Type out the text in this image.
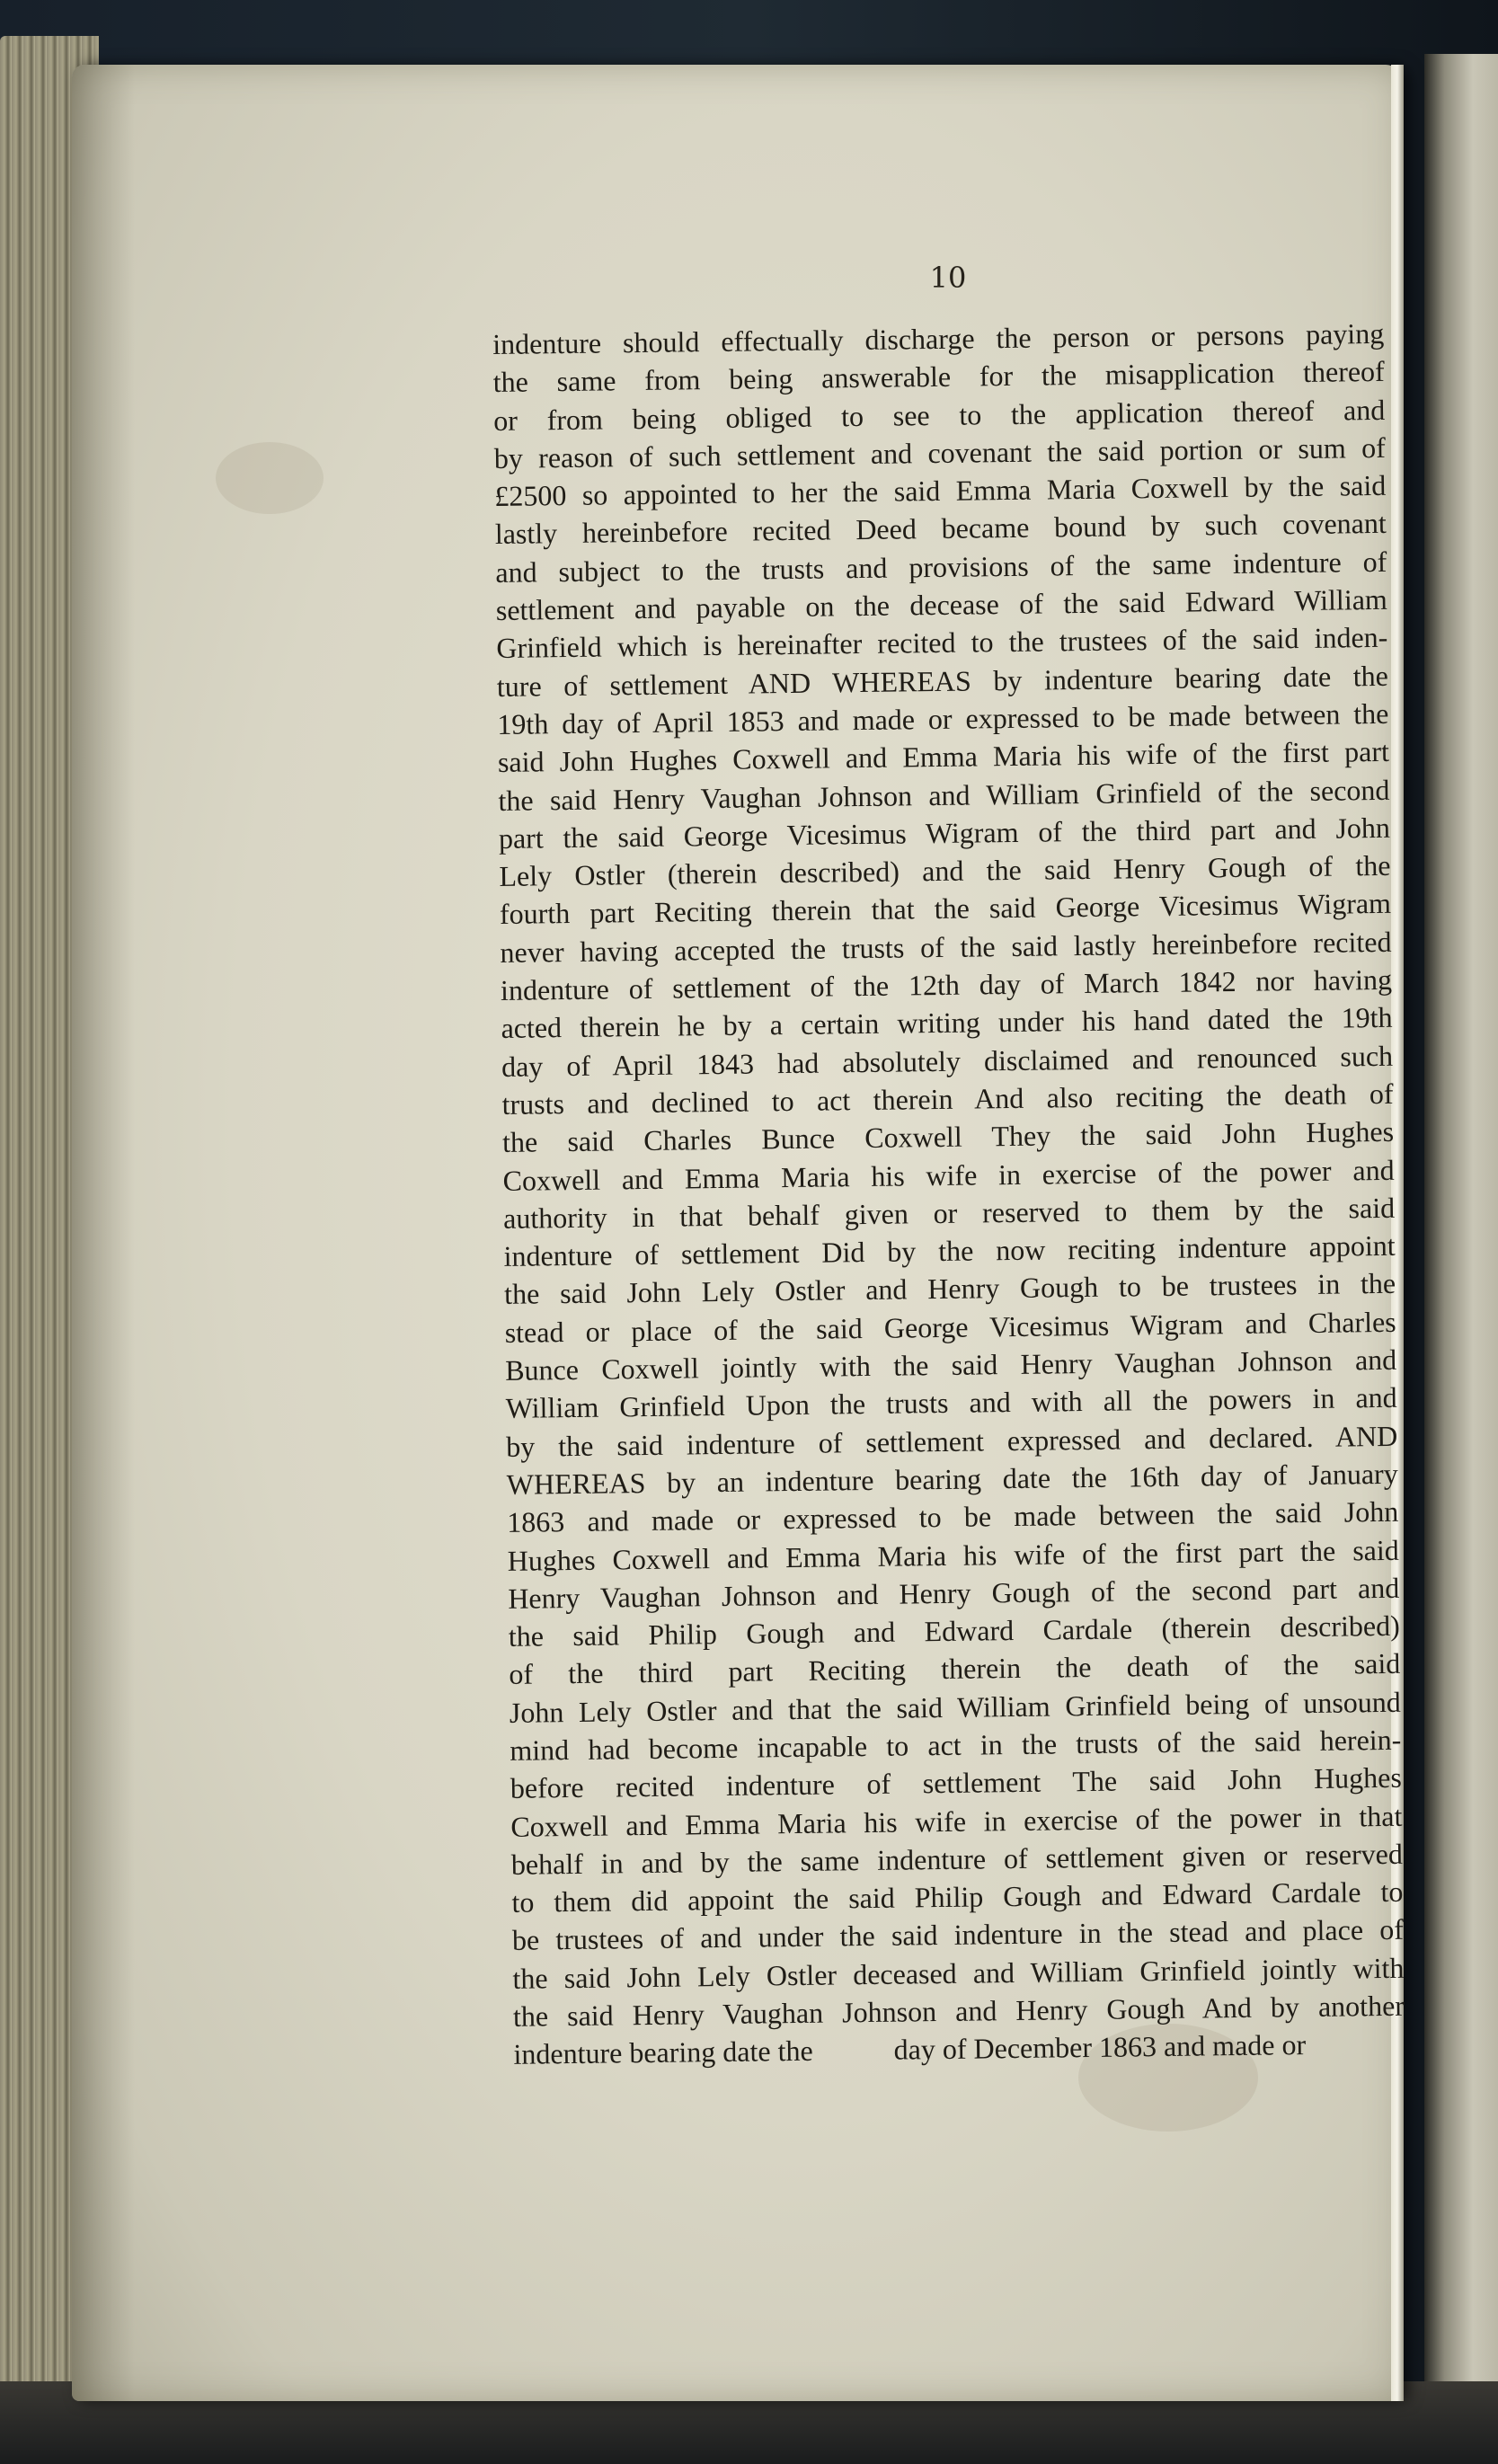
10
indenture should effectually discharge the person or persons paying
the same from being answerable for the misapplication thereof
or from being obliged to see to the application thereof and
by reason of such settlement and covenant the said portion or sum of
£2500 so appointed to her the said Emma Maria Coxwell by the said
lastly hereinbefore recited Deed became bound by such covenant
and subject to the trusts and provisions of the same indenture of
settlement and payable on the decease of the said Edward William
Grinfield which is hereinafter recited to the trustees of the said inden-
ture of settlement AND WHEREAS by indenture bearing date the
19th day of April 1853 and made or expressed to be made between the
said John Hughes Coxwell and Emma Maria his wife of the first part
the said Henry Vaughan Johnson and William Grinfield of the second
part the said George Vicesimus Wigram of the third part and John
Lely Ostler (therein described) and the said Henry Gough of the
fourth part Reciting therein that the said George Vicesimus Wigram
never having accepted the trusts of the said lastly hereinbefore recited
indenture of settlement of the 12th day of March 1842 nor having
acted therein he by a certain writing under his hand dated the 19th
day of April 1843 had absolutely disclaimed and renounced such
trusts and declined to act therein And also reciting the death of
the said Charles Bunce Coxwell They the said John Hughes
Coxwell and Emma Maria his wife in exercise of the power and
authority in that behalf given or reserved to them by the said
indenture of settlement Did by the now reciting indenture appoint
the said John Lely Ostler and Henry Gough to be trustees in the
stead or place of the said George Vicesimus Wigram and Charles
Bunce Coxwell jointly with the said Henry Vaughan Johnson and
William Grinfield Upon the trusts and with all the powers in and
by the said indenture of settlement expressed and declared. AND
WHEREAS by an indenture bearing date the 16th day of January
1863 and made or expressed to be made between the said John
Hughes Coxwell and Emma Maria his wife of the first part the said
Henry Vaughan Johnson and Henry Gough of the second part and
the said Philip Gough and Edward Cardale (therein described)
of the third part Reciting therein the death of the said
John Lely Ostler and that the said William Grinfield being of unsound
mind had become incapable to act in the trusts of the said herein-
before recited indenture of settlement The said John Hughes
Coxwell and Emma Maria his wife in exercise of the power in that
behalf in and by the same indenture of settlement given or reserved
to them did appoint the said Philip Gough and Edward Cardale to
be trustees of and under the said indenture in the stead and place of
the said John Lely Ostler deceased and William Grinfield jointly with
the said Henry Vaughan Johnson and Henry Gough And by another
indenture bearing date the	day of December 1863 and made or
